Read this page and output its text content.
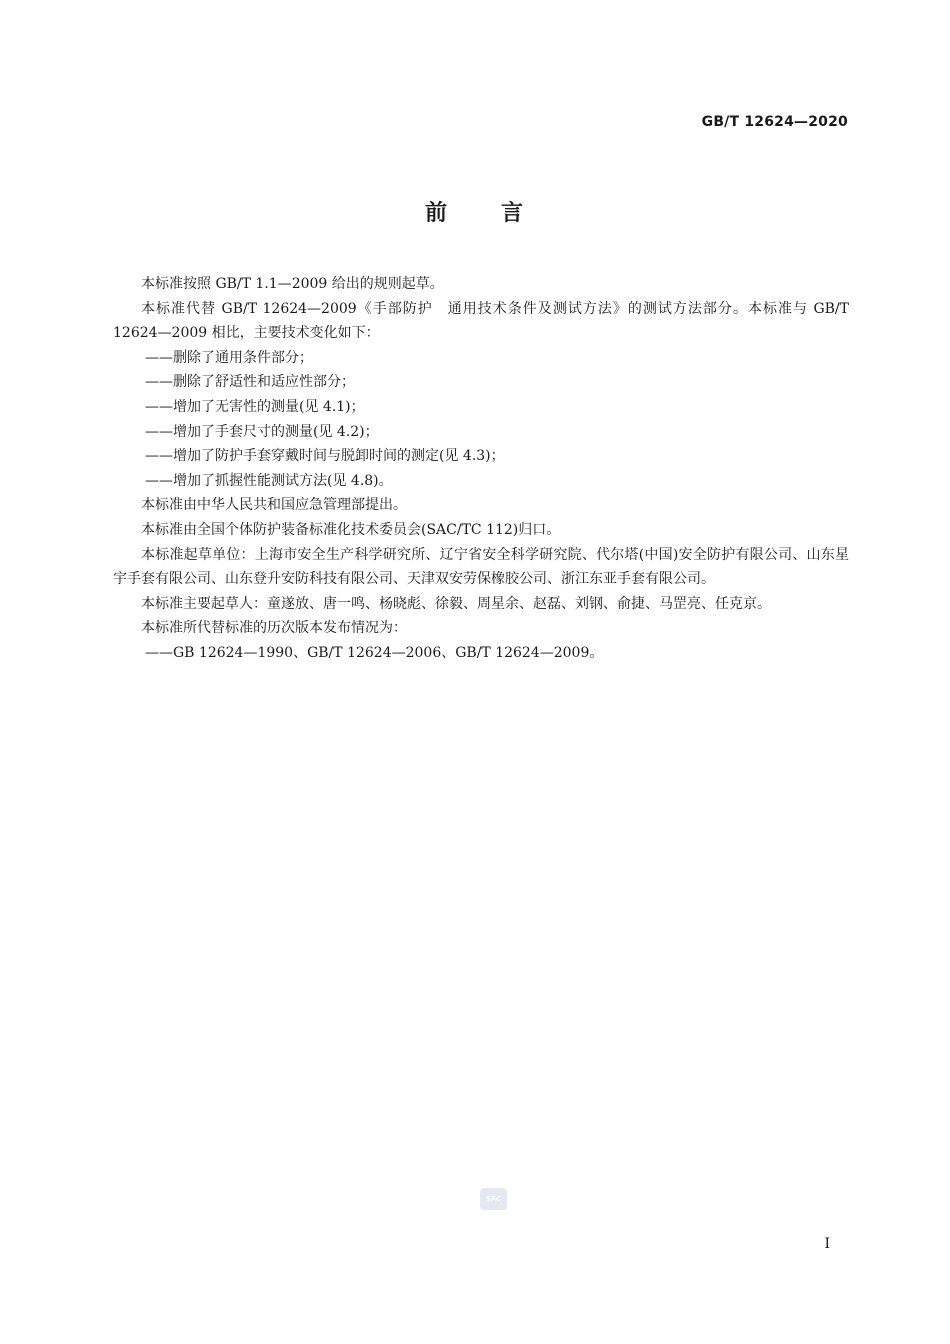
GB/T 12624—2020
前 言

本标准按照 GB/T 1.1—2009 给出的规则起草。

本标准代替 GB/T 12624—2009《手部防护　通用技术条件及测试方法》的测试方法部分。本标准与 GB/T 12624—2009 相比，主要技术变化如下：

——删除了通用条件部分；

——删除了舒适性和适应性部分；

——增加了无害性的测量(见 4.1)；

——增加了手套尺寸的测量(见 4.2)；

——增加了防护手套穿戴时间与脱卸时间的测定(见 4.3)；

——增加了抓握性能测试方法(见 4.8)。

本标准由中华人民共和国应急管理部提出。

本标准由全国个体防护装备标准化技术委员会(SAC/TC 112)归口。

本标准起草单位：上海市安全生产科学研究所、辽宁省安全科学研究院、代尔塔(中国)安全防护有限公司、山东星宇手套有限公司、山东登升安防科技有限公司、天津双安劳保橡胶公司、浙江东亚手套有限公司。

本标准主要起草人：童遂放、唐一鸣、杨晓彪、徐毅、周星余、赵磊、刘钢、俞捷、马罡亮、任克京。

本标准所代替标准的历次版本发布情况为：

——GB 12624—1990、GB/T 12624—2006、GB/T 12624—2009。

SAC
I
